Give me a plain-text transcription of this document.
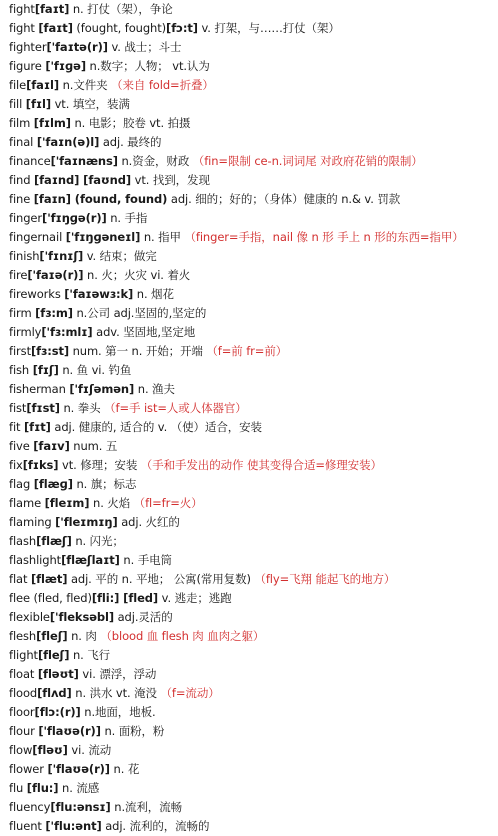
fight[faɪt] n. 打仗（架），争论
fight [faɪt] (fought, fought)[fɔ:t] v. 打架，与……打仗（架）
fighter['faɪtə(r)] v. 战士；斗士
figure ['fɪɡə] n.数字；人物； vt.认为
file[faɪl] n.文件夹 （来自 fold=折叠）
fill [fɪl] vt. 填空，装满
film [fɪlm] n. 电影；胶卷 vt. 拍摄
final ['faɪn(ə)l] adj. 最终的
finance['faɪnæns] n.资金，财政 （fin=限制 ce-n.词词尾 对政府花销的限制）
find [faɪnd] [faʊnd] vt. 找到，发现
fine [faɪn] (found, found) adj. 细的；好的；（身体）健康的 n.& v. 罚款
finger['fɪŋɡə(r)] n. 手指
fingernail ['fɪŋɡəneɪl] n. 指甲 （finger=手指，nail 像 n 形 手上 n 形的东西=指甲）
finish['fɪnɪʃ] v. 结束；做完
fire['faɪə(r)] n. 火；火灾 vi. 着火
fireworks ['faɪəwɜ:k] n. 烟花
firm [fɜ:m] n.公司 adj.坚固的,坚定的
firmly['fɜ:mlɪ] adv. 坚固地,坚定地
first[fɜ:st] num. 第一 n. 开始；开端 （f=前 fr=前）
fish [fɪʃ] n. 鱼 vi. 钓鱼
fisherman ['fɪʃəmən] n. 渔夫
fist[fɪst] n. 拳头 （f=手 ist=人或人体器官）
fit [fɪt] adj. 健康的, 适合的 v. （使）适合，安装
five [faɪv] num. 五
fix[fɪks] vt. 修理；安装 （手和手发出的动作 使其变得合适=修理安装）
flag [flæɡ] n. 旗；标志
flame [fleɪm] n. 火焰 （fl=fr=火）
flaming ['fleɪmɪŋ] adj. 火红的
flash[flæʃ] n. 闪光；
flashlight[flæʃlaɪt] n. 手电筒
flat [flæt] adj. 平的 n. 平地； 公寓(常用复数) （fly=飞翔 能起飞的地方）
flee (fled, fled)[fli:] [fled] v. 逃走；逃跑
flexible['fleksəbl] adj.灵活的
flesh[fleʃ] n. 肉 （blood 血 flesh 肉 血肉之躯）
flight[fleʃ] n. 飞行
float [fləʊt] vi. 漂浮，浮动
flood[flʌd] n. 洪水 vt. 淹没 （f=流动）
floor[flɔ:(r)] n.地面，地板.
flour ['flaʊə(r)] n. 面粉，粉
flow[fləʊ] vi. 流动
flower ['flaʊə(r)] n. 花
flu [flu:] n. 流感
fluency[flu:ənsɪ] n.流利，流畅
fluent ['flu:ənt] adj. 流利的，流畅的
